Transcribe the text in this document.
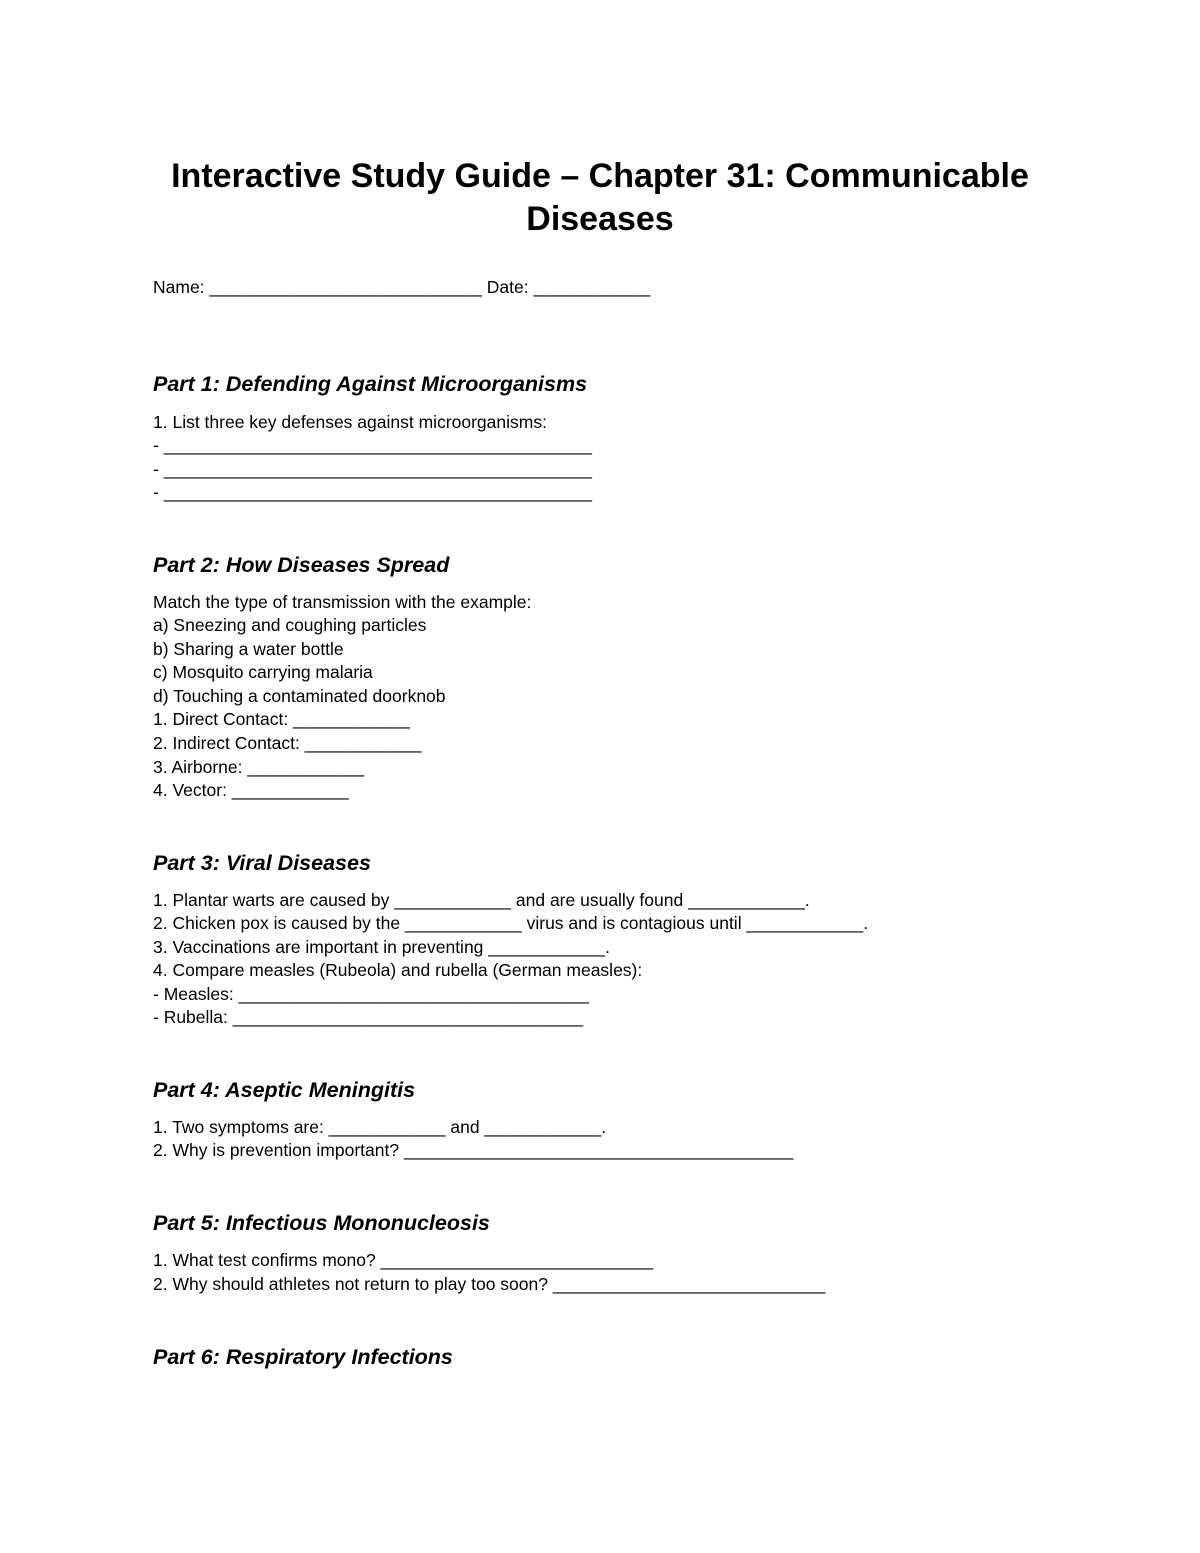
Interactive Study Guide – Chapter 31: Communicable Diseases

Name: ____________________________ Date: ____________

Part 1: Defending Against Microorganisms

1. List three key defenses against microorganisms:

- ____________________________________________

- ____________________________________________

- ____________________________________________

Part 2: How Diseases Spread

Match the type of transmission with the example:

a) Sneezing and coughing particles

b) Sharing a water bottle

c) Mosquito carrying malaria

d) Touching a contaminated doorknob

1. Direct Contact: ____________

2. Indirect Contact: ____________

3. Airborne: ____________

4. Vector: ____________

Part 3: Viral Diseases

1. Plantar warts are caused by ____________ and are usually found ____________.

2. Chicken pox is caused by the ____________ virus and is contagious until ____________.

3. Vaccinations are important in preventing ____________.

4. Compare measles (Rubeola) and rubella (German measles):

- Measles: ____________________________________

- Rubella: ____________________________________

Part 4: Aseptic Meningitis

1. Two symptoms are: ____________ and ____________.

2. Why is prevention important? ________________________________________

Part 5: Infectious Mononucleosis

1. What test confirms mono? ____________________________

2. Why should athletes not return to play too soon? ____________________________

Part 6: Respiratory Infections
